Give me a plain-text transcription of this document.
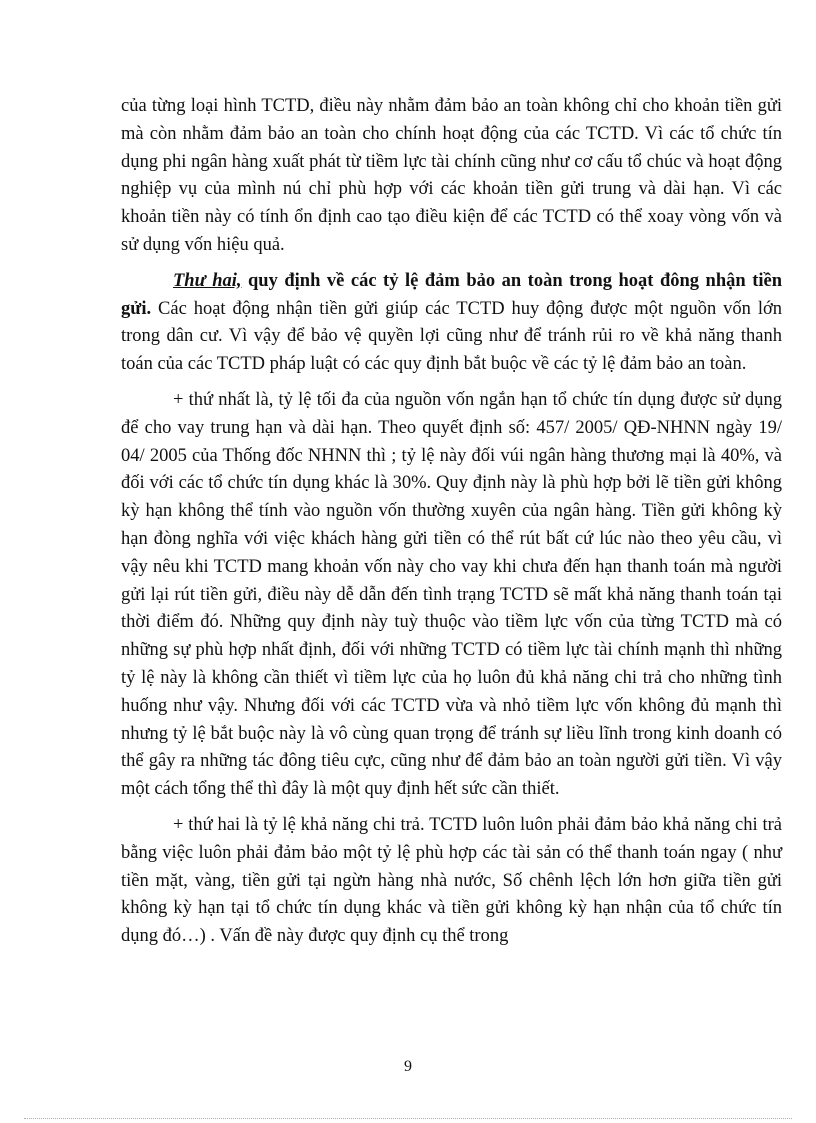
của từng loại hình TCTD, điều này nhằm đảm bảo an toàn không chỉ cho khoản tiền gửi mà còn nhằm đảm bảo an toàn cho chính hoạt động của các TCTD. Vì các tổ chức tín dụng phi ngân hàng xuất phát từ tiềm lực tài chính cũng như cơ cấu tổ chúc và hoạt động nghiệp vụ của mình nú chỉ phù hợp với các khoản tiền gửi trung và dài hạn. Vì các khoản tiền này có tính ổn định cao tạo điều kiện để các TCTD có thể xoay vòng vốn và sử dụng vốn hiệu quả.

Thư hai, quy định về các tỷ lệ đảm bảo an toàn trong hoạt đông nhận tiền gửi. Các hoạt động nhận tiền gửi giúp các TCTD huy động được một nguồn vốn lớn trong dân cư. Vì vậy để bảo vệ quyền lợi cũng như để tránh rủi ro về khả năng thanh toán của các TCTD pháp luật có các quy định bắt buộc về các tỷ lệ đảm bảo an toàn.

+ thứ nhất là, tỷ lệ tối đa của nguồn vốn ngắn hạn tổ chức tín dụng được sử dụng để cho vay trung hạn và dài hạn. Theo quyết định số: 457/ 2005/ QĐ-NHNN ngày 19/ 04/ 2005 của Thống đốc NHNN thì ; tỷ lệ này đối vúi ngân hàng thương mại là 40%, và đối với các tổ chức tín dụng khác là 30%. Quy định này là phù hợp bởi lẽ tiền gửi không kỳ hạn không thể tính vào nguồn vốn thường xuyên của ngân hàng. Tiền gửi không kỳ hạn đòng nghĩa với việc khách hàng gửi tiền có thể rút bất cứ lúc nào theo yêu cầu, vì vậy nêu khi TCTD mang khoản vốn này cho vay khi chưa đến hạn thanh toán mà người gửi lại rút tiền gửi, điều này dễ dẫn đến tình trạng TCTD sẽ mất khả năng thanh toán tại thời điểm đó. Những quy định này tuỳ thuộc vào tiềm lực vốn của từng TCTD mà có những sự phù hợp nhất định, đối với những TCTD có tiềm lực tài chính mạnh thì những tỷ lệ này là không cần thiết vì tiềm lực của họ luôn đủ khả năng chi trả cho những tình huống như vậy. Nhưng đối với các TCTD vừa và nhỏ tiềm lực vốn không đủ mạnh thì nhưng tỷ lệ bắt buộc này là vô cùng quan trọng để tránh sự liều lĩnh trong kinh doanh có thể gây ra những tác đông tiêu cực, cũng như để đảm bảo an toàn người gửi tiền. Vì vậy một cách tổng thể thì đây là một quy định hết sức cần thiết.

+ thứ hai là tỷ lệ khả năng chi trả. TCTD luôn luôn phải đảm bảo khả năng chi trả bằng việc luôn phải đảm bảo một tỷ lệ phù hợp các tài sản có thể thanh toán ngay ( như tiền mặt, vàng, tiền gửi tại ngừn hàng nhà nước, Số chênh lệch lớn hơn giữa tiền gửi không kỳ hạn tại tổ chức tín dụng khác và tiền gửi không kỳ hạn nhận của tổ chức tín dụng đó…) . Vấn đề này được quy định cụ thể trong

9
